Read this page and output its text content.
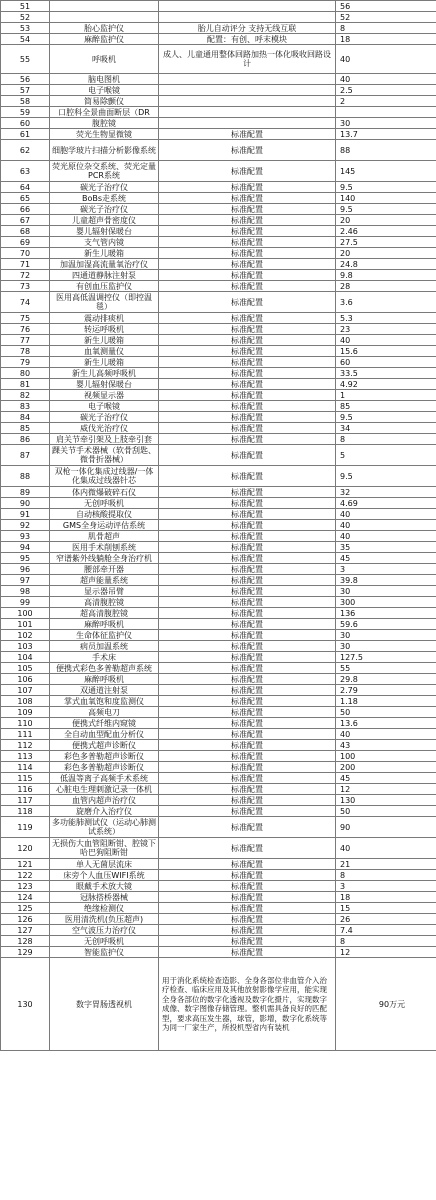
51			56
52			52
53	胎心监护仪	胎儿自动评分 支持无线互联	8
54	麻醉监护仪	配置：有创、呼末模块	18
55	呼吸机	成人、儿童通用整体回路加热一体化吸收回路设计	40
56	脑电图机		40
57	电子喉镜		2.5
58	简易除颤仪		2
59	口腔科全景曲面断层（DR		
60	腹腔镜		30
61	荧光生物显微镜	标准配置	13.7
62	细胞学玻片扫描分析影像系统	标准配置	88
63	荧光原位杂交系统、荧光定量PCR系统	标准配置	145
64	碳光子治疗仪	标准配置	9.5
65	BoBs走系统	标准配置	140
66	碳光子治疗仪	标准配置	9.5
67	儿童超声骨密度仪	标准配置	20
68	婴儿辐射保暖台	标准配置	2.46
69	支气管内镜	标准配置	27.5
70	新生儿暖箱	标准配置	20
71	加温加湿高流量氧治疗仪	标准配置	24.8
72	四通道静脉注射泵	标准配置	9.8
73	有创血压监护仪	标准配置	28
74	医用高低温调控仪（即控温毯）	标准配置	3.6
75	震动排痰机	标准配置	5.3
76	转运呼吸机	标准配置	23
77	新生儿暖箱	标准配置	40
78	血氧测量仪	标准配置	15.6
79	新生儿暖箱	标准配置	60
80	新生儿高频呼吸机	标准配置	33.5
81	婴儿辐射保暖台	标准配置	4.92
82	视频显示器	标准配置	1
83	电子喉镜	标准配置	85
84	碳光子治疗仪	标准配置	9.5
85	威伐光治疗仪	标准配置	34
86	肩关节牵引架及上肢牵引套	标准配置	8
87	踝关节手术器械（软骨刮匙、微骨折器械）	标准配置	5
88	双枪一体化集成过线器/一体化集成过线器针芯	标准配置	9.5
89	体内微爆破碎石仪	标准配置	32
90	无创呼吸机	标准配置	4.69
91	自动核酸提取仪	标准配置	40
92	GMS全身运动评估系统	标准配置	40
93	肌骨超声	标准配置	40
94	医用手术削刨系统	标准配置	35
95	窄谱紫外线躺舱全身治疗机	标准配置	45
96	腰部牵开器	标准配置	3
97	超声能量系统	标准配置	39.8
98	显示器吊臂	标准配置	30
99	高清腹腔镜	标准配置	300
100	超高清腹腔镜	标准配置	136
101	麻醉呼吸机	标准配置	59.6
102	生命体征监护仪	标准配置	30
103	病员加温系统	标准配置	30
104	手术床	标准配置	127.5
105	便携式彩色多普勒超声系统	标准配置	55
106	麻醉呼吸机	标准配置	29.8
107	双通道注射泵	标准配置	2.79
108	掌式血氧饱和度监测仪	标准配置	1.18
109	高频电刀	标准配置	50
110	便携式纤维内窥镜	标准配置	13.6
111	全自动血型配血分析仪	标准配置	40
112	便携式超声诊断仪	标准配置	43
113	彩色多普勒超声诊断仪	标准配置	100
114	彩色多普勒超声诊断仪	标准配置	200
115	低温等离子高频手术系统	标准配置	45
116	心脏电生理刺激记录一体机	标准配置	12
117	血管内超声治疗仪	标准配置	130
118	旋磨介入治疗仪	标准配置	50
119	多功能肺测试仪（运动心肺测试系统）	标准配置	90
120	无损伤大血管阻断钳、腔镜下哈巴狗阻断钳	标准配置	40
121	单人无菌层流床	标准配置	21
122	床旁个人血压WIFI系统	标准配置	8
123	眼戴手术放大镜	标准配置	3
124	冠脉搭桥器械	标准配置	18
125	绝缘检测仪	标准配置	15
126	医用清洗机(负压超声)	标准配置	26
127	空气波压力治疗仪	标准配置	7.4
128	无创呼吸机	标准配置	8
129	智能监护仪	标准配置	12
130	数字胃肠透视机	用于消化系统检查造影、全身各部位非血管介入治疗检查、临床应用及其他放射影像学应用，能实现全身各部位的数字化透视及数字化摄片，实现数字成像、数字图像存储管理。整机需具备良好的匹配型，要求高压发生器，球管，影增，数字化系统等为同一厂家生产，所投机型省内有装机	90万元
